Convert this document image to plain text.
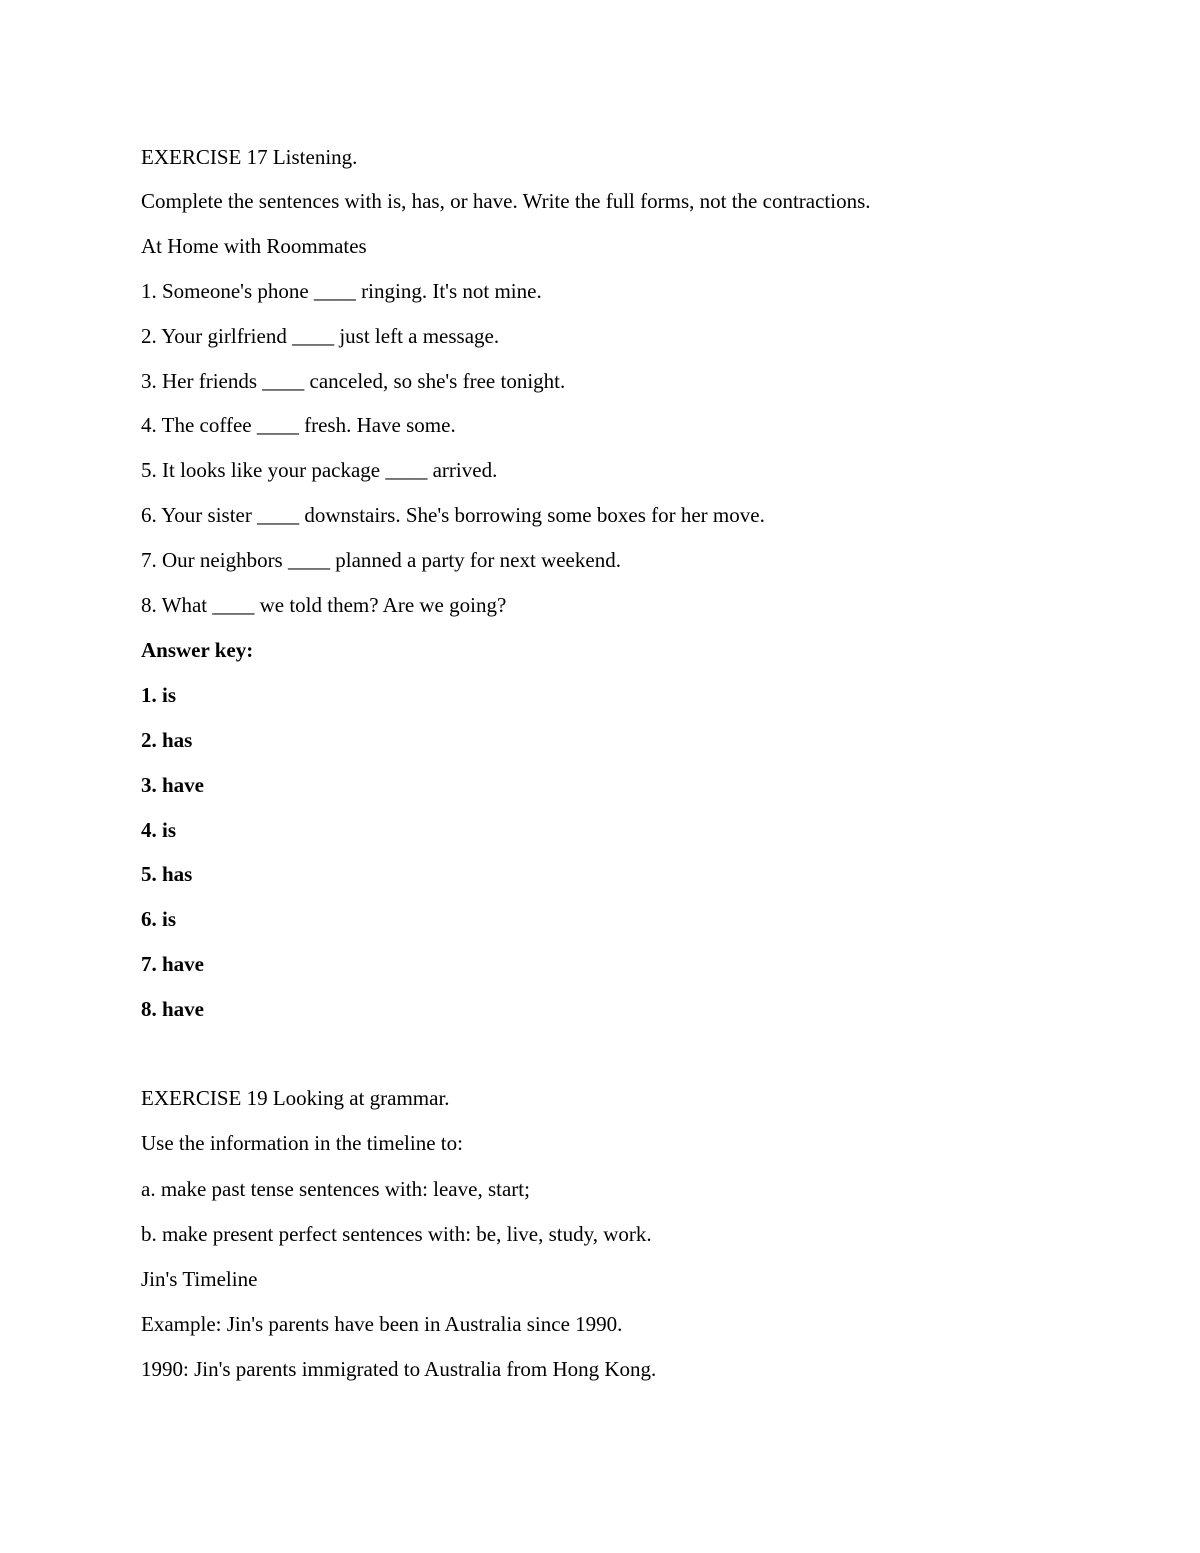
EXERCISE 17 Listening.
Complete the sentences with is, has, or have. Write the full forms, not the contractions.
At Home with Roommates
1. Someone's phone ____ ringing. It's not mine.
2. Your girlfriend ____ just left a message.
3. Her friends ____ canceled, so she's free tonight.
4. The coffee ____ fresh. Have some.
5. It looks like your package ____ arrived.
6. Your sister ____ downstairs. She's borrowing some boxes for her move.
7. Our neighbors ____ planned a party for next weekend.
8. What ____ we told them? Are we going?
Answer key:
1. is
2. has
3. have
4. is
5. has
6. is
7. have
8. have
EXERCISE 19 Looking at grammar.
Use the information in the timeline to:
a. make past tense sentences with: leave, start;
b. make present perfect sentences with: be, live, study, work.
Jin's Timeline
Example: Jin's parents have been in Australia since 1990.
1990: Jin's parents immigrated to Australia from Hong Kong.
